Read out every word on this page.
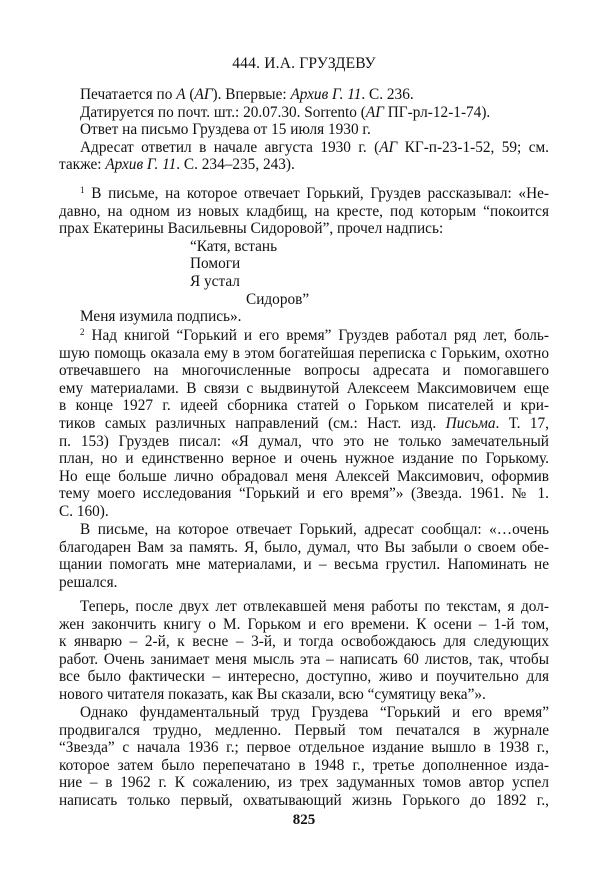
444. И.А. ГРУЗДЕВУ
Печатается по А (АГ). Впервые: Архив Г. 11. С. 236.
Датируется по почт. шт.: 20.07.30. Sorrento (АГ ПГ-рл-12-1-74).
Ответ на письмо Груздева от 15 июля 1930 г.
Адресат ответил в начале августа 1930 г. (АГ КГ-п-23-1-52, 59; см.
также: Архив Г. 11. С. 234–235, 243).
$^1$ В письме, на которое отвечает Горький, Груздев рассказывал: «Не-
давно, на одном из новых кладбищ, на кресте, под которым “покоится
прах Екатерины Васильевны Сидоровой”, прочел надпись:
“Катя, встань
Помоги
Я устал
Сидоров”
Меня изумила подпись».
$^2$ Над книгой “Горький и его время” Груздев работал ряд лет, боль-
шую помощь оказала ему в этом богатейшая переписка с Горьким, охотно
отвечавшего на многочисленные вопросы адресата и помогавшего
ему материалами. В связи с выдвинутой Алексеем Максимовичем еще
в конце 1927 г. идеей сборника статей о Горьком писателей и кри-
тиков самых различных направлений (см.: Наст. изд. Письма. Т. 17,
п. 153) Груздев писал: «Я думал, что это не только замечательный
план, но и единственно верное и очень нужное издание по Горькому.
Но еще больше лично обрадовал меня Алексей Максимович, оформив
тему моего исследования “Горький и его время”» (Звезда. 1961. № 1.
С. 160).
В письме, на которое отвечает Горький, адресат сообщал: «…очень
благодарен Вам за память. Я, было, думал, что Вы забыли о своем обе-
щании помогать мне материалами, и – весьма грустил. Напоминать не
решался.
Теперь, после двух лет отвлекавшей меня работы по текстам, я дол-
жен закончить книгу о М. Горьком и его времени. К осени – 1-й том,
к январю – 2-й, к весне – 3-й, и тогда освобождаюсь для следующих
работ. Очень занимает меня мысль эта – написать 60 листов, так, чтобы
все было фактически – интересно, доступно, живо и поучительно для
нового читателя показать, как Вы сказали, всю “сумятицу века”».
Однако фундаментальный труд Груздева “Горький и его время”
продвигался трудно, медленно. Первый том печатался в журнале
“Звезда” с начала 1936 г.; первое отдельное издание вышло в 1938 г.,
которое затем было перепечатано в 1948 г., третье дополненное изда-
ние – в 1962 г. К сожалению, из трех задуманных томов автор успел
написать только первый, охватывающий жизнь Горького до 1892 г.,
825
